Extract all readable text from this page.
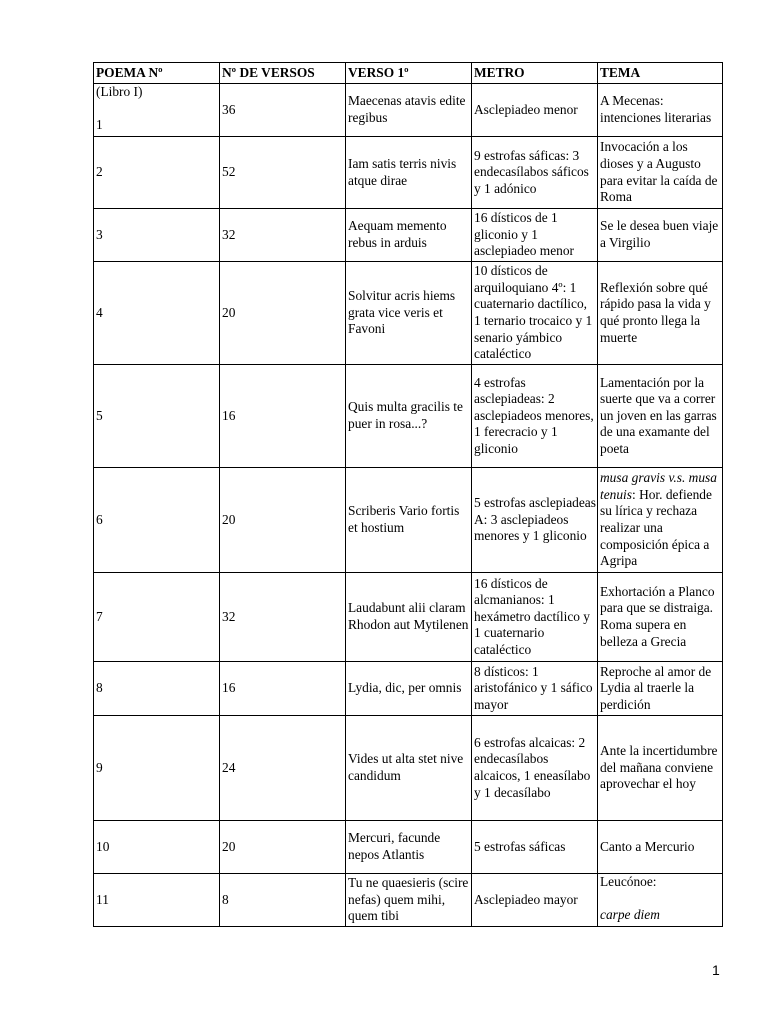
POEMA Nº	Nº DE VERSOS	VERSO 1º	METRO	TEMA

(Libro I)
1	36	Maecenas atavis edite regibus	Asclepiadeo menor	A Mecenas: intenciones literarias
2	52	Iam satis terris nivis atque dirae	9 estrofas sáficas: 3 endecasílabos sáficos y 1 adónico	Invocación a los dioses y a Augusto para evitar la caída de Roma
3	32	Aequam memento rebus in arduis	16 dísticos de 1 gliconio y 1 asclepiadeo menor	Se le desea buen viaje a Virgilio
4	20	Solvitur acris hiems grata vice veris et Favoni	10 dísticos de arquiloquiano 4º: 1 cuaternario dactílico, 1 ternario trocaico y 1 senario yámbico cataléctico	Reflexión sobre qué rápido pasa la vida y qué pronto llega la muerte
5	16	Quis multa gracilis te puer in rosa...?	4 estrofas asclepiadeas: 2 asclepiadeos menores, 1 ferecracio y 1 gliconio	Lamentación por la suerte que va a correr un joven en las garras de una examante del poeta
6	20	Scriberis Vario fortis et hostium	5 estrofas asclepiadeas A: 3 asclepiadeos menores y 1 gliconio	musa gravis v.s. musa tenuis: Hor. defiende su lírica y rechaza realizar una composición épica a Agripa
7	32	Laudabunt alii claram Rhodon aut Mytilenen	16 dísticos de alcmanianos: 1 hexámetro dactílico y 1 cuaternario cataléctico	Exhortación a Planco para que se distraiga. Roma supera en belleza a Grecia
8	16	Lydia, dic, per omnis	8 dísticos: 1 aristofánico y 1 sáfico mayor	Reproche al amor de Lydia al traerle la perdición
9	24	Vides ut alta stet nive candidum	6 estrofas alcaicas: 2 endecasílabos alcaicos, 1 eneasílabo y 1 decasílabo	Ante la incertidumbre del mañana conviene aprovechar el hoy
10	20	Mercuri, facunde nepos Atlantis	5 estrofas sáficas	Canto a Mercurio
11	8	Tu ne quaesieris (scire nefas) quem mihi, quem tibi	Asclepiadeo mayor	Leucónoe:
carpe diem
1
